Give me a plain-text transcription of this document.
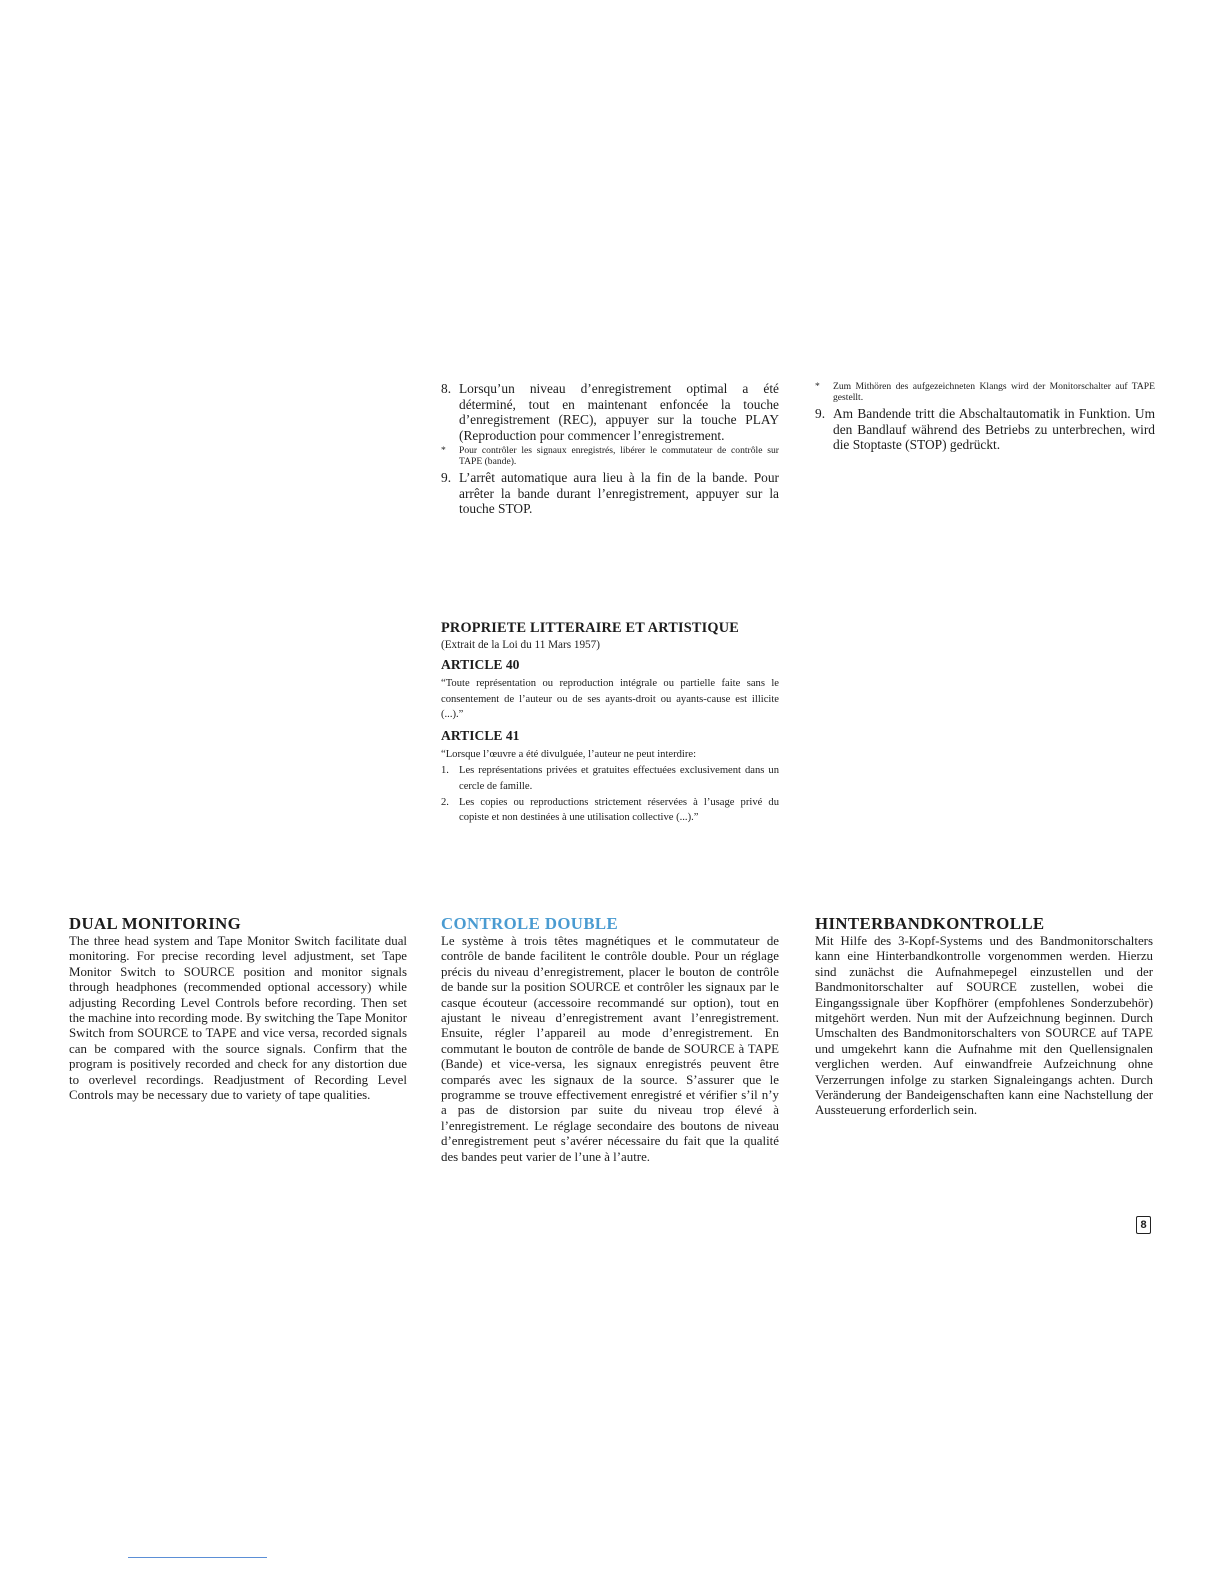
8. Lorsqu’un niveau d’enregistrement optimal a été déterminé, tout en maintenant enfoncée la touche d’enregistrement (REC), appuyer sur la touche PLAY (Reproduction pour commencer l’enregistrement.
*	Pour contrôler les signaux enregistrés, libérer le commutateur de contrôle sur TAPE (bande).
9. L’arrêt automatique aura lieu à la fin de la bande. Pour arrêter la bande durant l’enregistrement, appuyer sur la touche STOP.
*	Zum Mithören des aufgezeichneten Klangs wird der Monitorschalter auf TAPE gestellt.
9. Am Bandende tritt die Abschaltautomatik in Funktion. Um den Bandlauf während des Betriebs zu unterbrechen, wird die Stoptaste (STOP) gedrückt.
PROPRIETE LITTERAIRE ET ARTISTIQUE
(Extrait de la Loi du 11 Mars 1957)
ARTICLE 40

“Toute représentation ou reproduction intégrale ou partielle faite sans le consentement de l’auteur ou de ses ayants-droit ou ayants-cause est illicite (...).”

ARTICLE 41

“Lorsque l’œuvre a été divulguée, l’auteur ne peut interdire:

1. Les représentations privées et gratuites effectuées exclusivement dans un cercle de famille.
2. Les copies ou reproductions strictement réservées à l’usage privé du copiste et non destinées à une utilisation collective (...).”
DUAL MONITORING

The three head system and Tape Monitor Switch facilitate dual monitoring. For precise recording level adjustment, set Tape Monitor Switch to SOURCE position and monitor signals through headphones (recommended optional accessory) while adjusting Recording Level Controls before recording. Then set the machine into recording mode. By switching the Tape Monitor Switch from SOURCE to TAPE and vice versa, recorded signals can be compared with the source signals. Confirm that the program is positively recorded and check for any distortion due to overlevel recordings. Readjustment of Recording Level Controls may be necessary due to variety of tape qualities.

CONTROLE DOUBLE

Le système à trois têtes magnétiques et le commutateur de contrôle de bande facilitent le contrôle double. Pour un réglage précis du niveau d’enregistrement, placer le bouton de contrôle de bande sur la position SOURCE et contrôler les signaux par le casque écouteur (accessoire recommandé sur option), tout en ajustant le niveau d’enregistrement avant l’enregistrement. Ensuite, régler l’appareil au mode d’enregistrement. En commutant le bouton de contrôle de bande de SOURCE à TAPE (Bande) et vice-versa, les signaux enregistrés peuvent être comparés avec les signaux de la source. S’assurer que le programme se trouve effectivement enregistré et vérifier s’il n’y a pas de distorsion par suite du niveau trop élevé à l’enregistrement. Le réglage secondaire des boutons de niveau d’enregistrement peut s’avérer nécessaire du fait que la qualité des bandes peut varier de l’une à l’autre.

HINTERBANDKONTROLLE

Mit Hilfe des 3-Kopf-Systems und des Bandmonitorschalters kann eine Hinterbandkontrolle vorgenommen werden. Hierzu sind zunächst die Aufnahmepegel einzustellen und der Bandmonitorschalter auf SOURCE zustellen, wobei die Eingangssignale über Kopfhörer (empfohlenes Sonderzubehör) mitgehört werden. Nun mit der Aufzeichnung beginnen. Durch Umschalten des Bandmonitorschalters von SOURCE auf TAPE und umgekehrt kann die Aufnahme mit den Quellensignalen verglichen werden. Auf einwandfreie Aufzeichnung ohne Verzerrungen infolge zu starken Signaleingangs achten. Durch Veränderung der Bandeigenschaften kann eine Nachstellung der Aussteuerung erforderlich sein.

8
